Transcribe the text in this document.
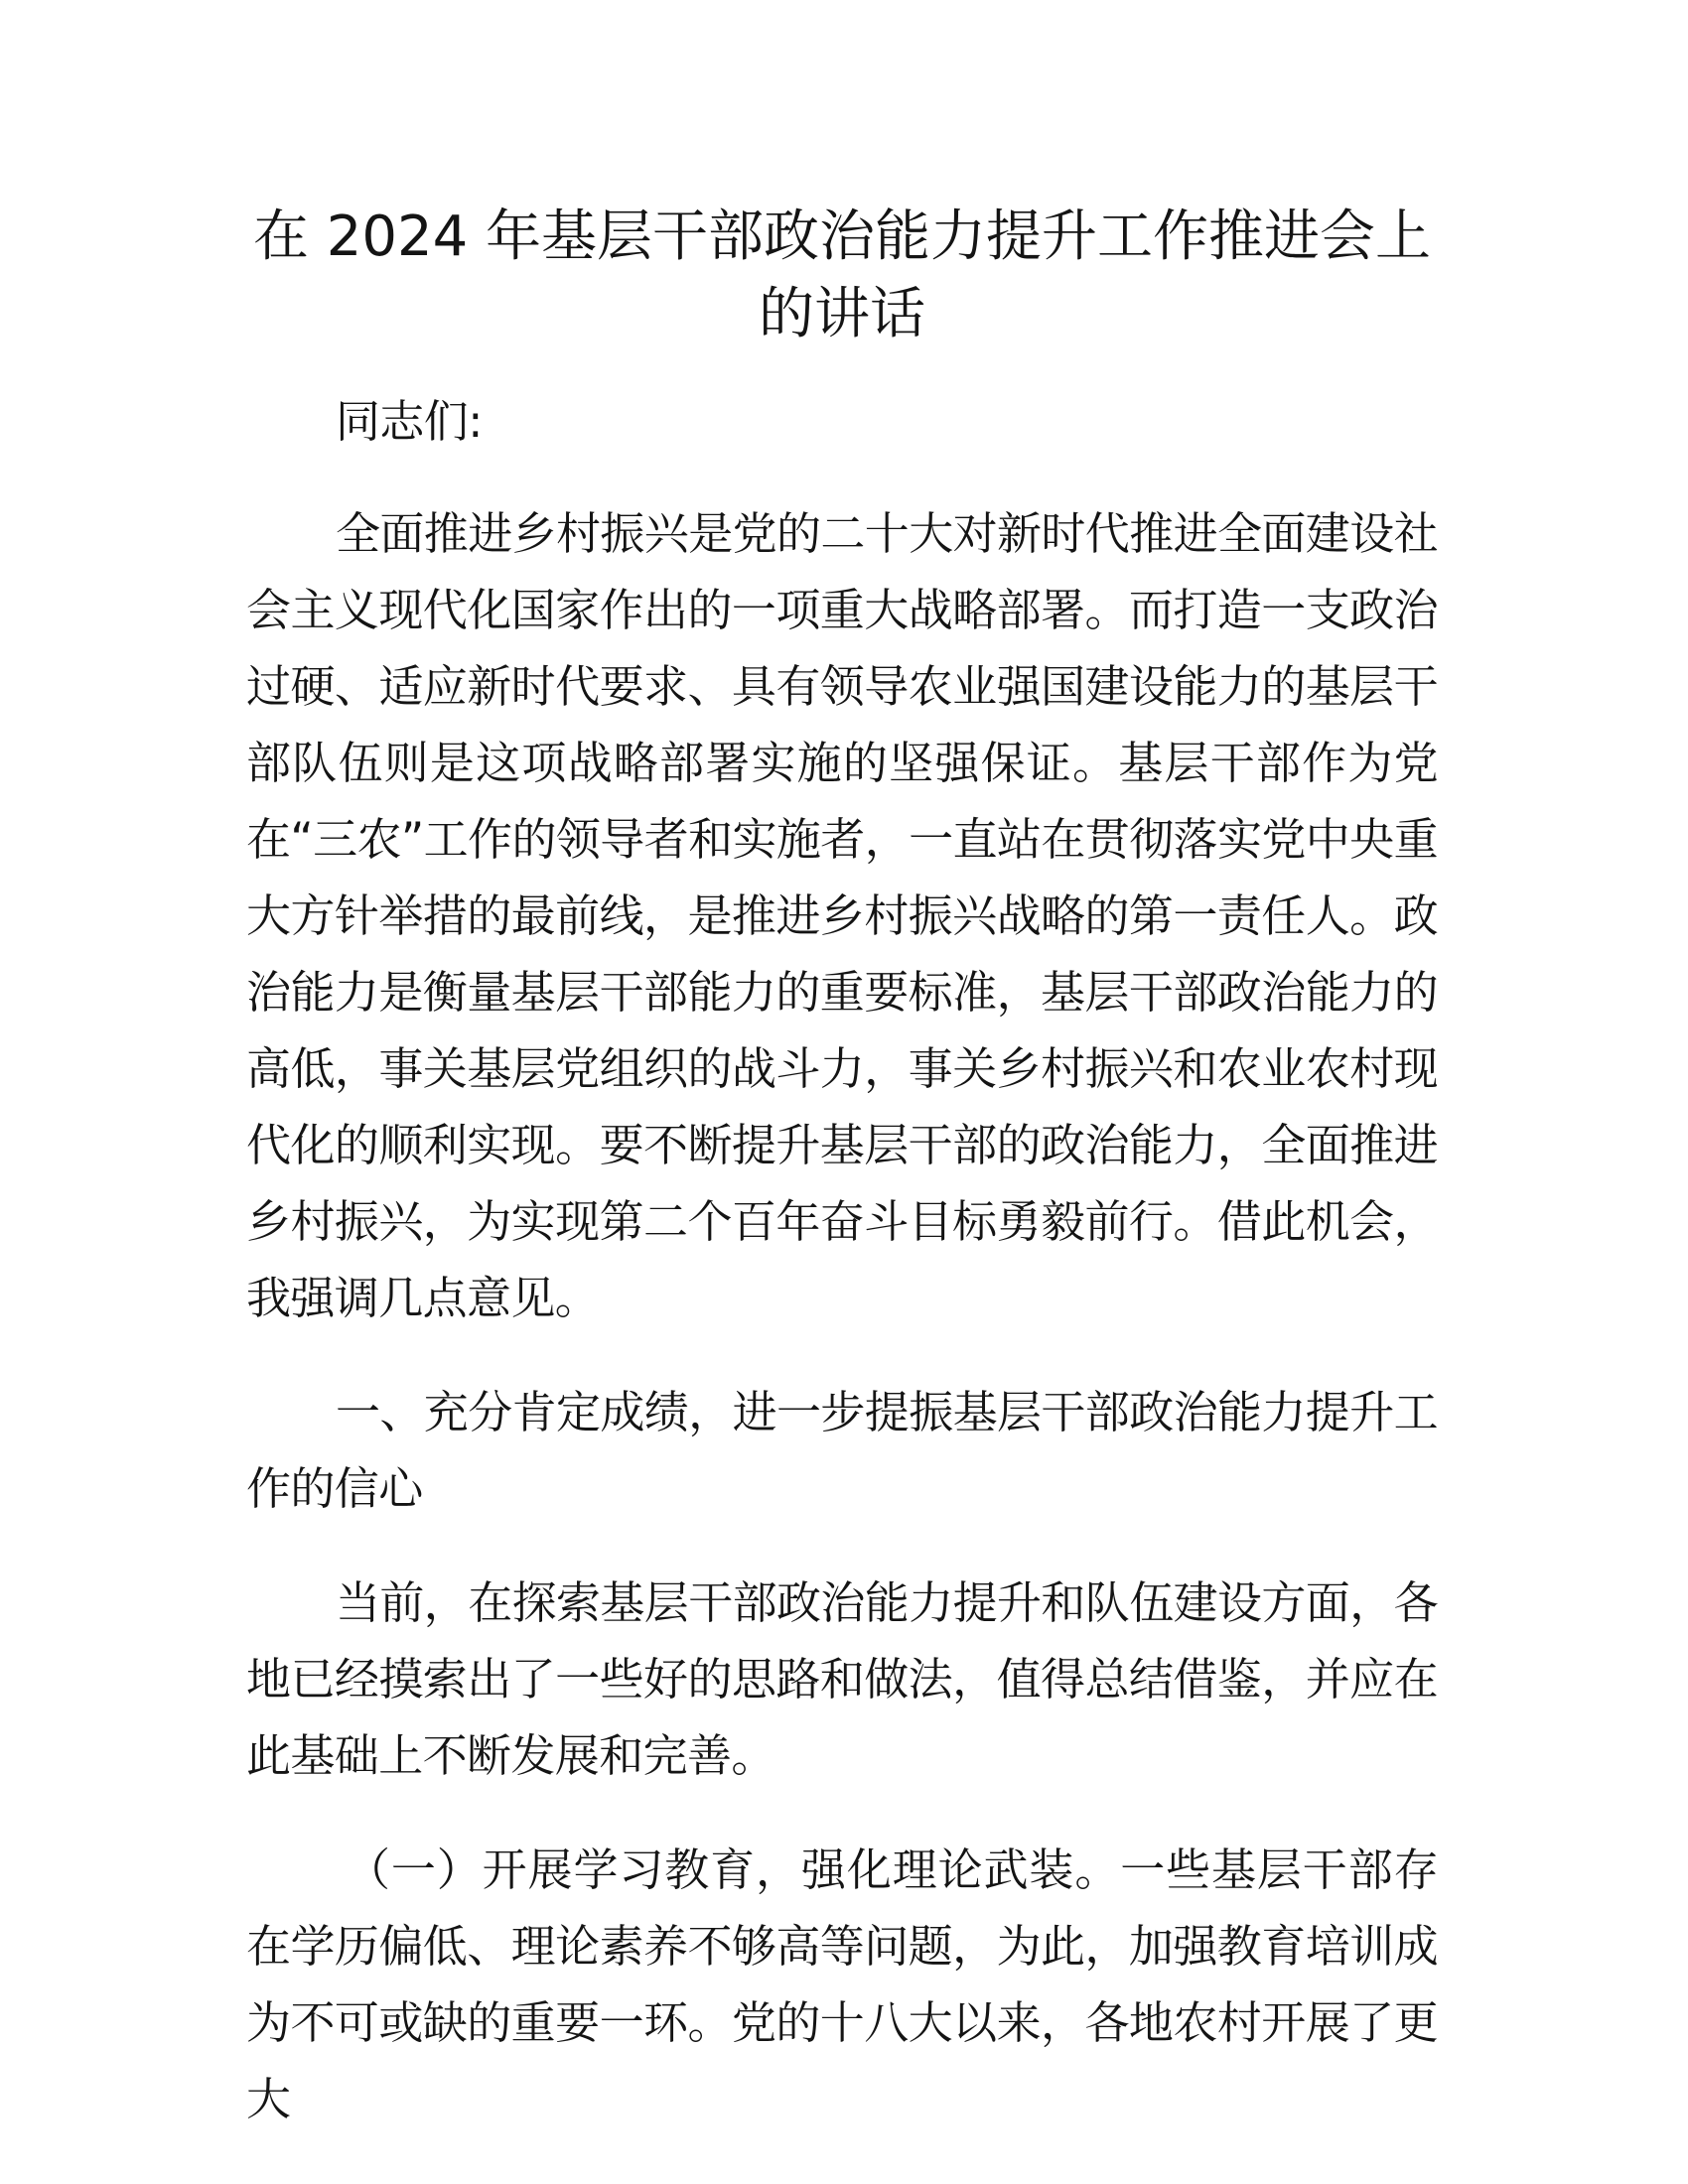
在 2024 年基层干部政治能力提升工作推进会上
的讲话

同志们:

全面推进乡村振兴是党的二十大对新时代推进全面建设社会主义现代化国家作出的一项重大战略部署。而打造一支政治过硬、适应新时代要求、具有领导农业强国建设能力的基层干部队伍则是这项战略部署实施的坚强保证。基层干部作为党在“三农”工作的领导者和实施者，一直站在贯彻落实党中央重大方针举措的最前线，是推进乡村振兴战略的第一责任人。政治能力是衡量基层干部能力的重要标准，基层干部政治能力的高低，事关基层党组织的战斗力，事关乡村振兴和农业农村现代化的顺利实现。要不断提升基层干部的政治能力，全面推进乡村振兴，为实现第二个百年奋斗目标勇毅前行。借此机会，我强调几点意见。

一、充分肯定成绩，进一步提振基层干部政治能力提升工作的信心

当前，在探索基层干部政治能力提升和队伍建设方面，各地已经摸索出了一些好的思路和做法，值得总结借鉴，并应在此基础上不断发展和完善。

（一）开展学习教育，强化理论武装。一些基层干部存在学历偏低、理论素养不够高等问题，为此，加强教育培训成为不可或缺的重要一环。党的十八大以来，各地农村开展了更大
